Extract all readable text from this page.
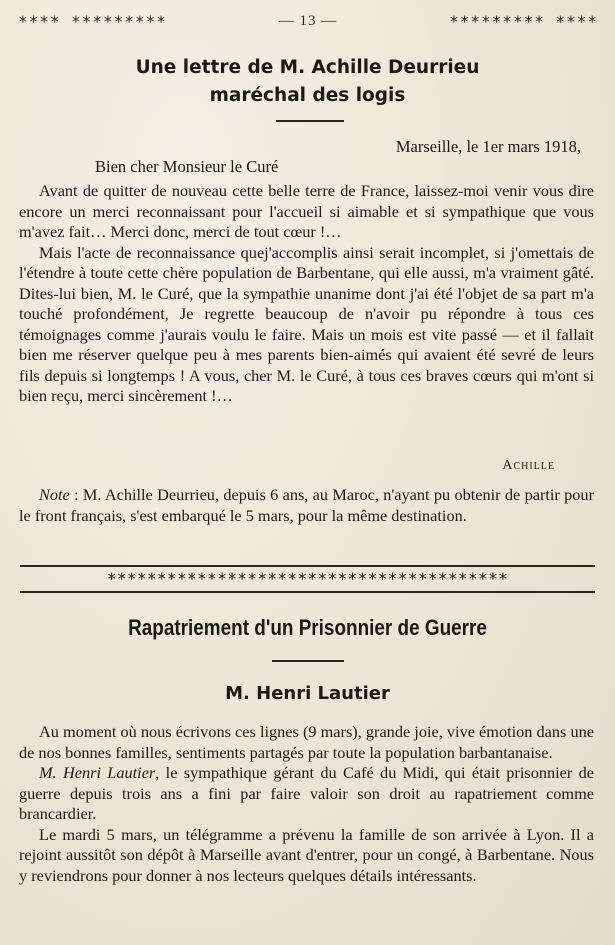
**** *********	— 13 —	********* ****
Une lettre de M. Achille Deurrieu
maréchal des logis
Marseille, le 1er mars 1918,
Bien cher Monsieur le Curé

Avant de quitter de nouveau cette belle terre de France, laissez-moi venir vous dire encore un merci reconnaissant pour l'accueil si aimable et si sympathique que vous m'avez fait… Merci donc, merci de tout cœur !…

Mais l'acte de reconnaissance quej'accomplis ainsi serait incomplet, si j'omettais de l'étendre à toute cette chère population de Barbentane, qui elle aussi, m'a vraiment gâté. Dites-lui bien, M. le Curé, que la sympathie unanime dont j'ai été l'objet de sa part m'a touché profondément, Je regrette beaucoup de n'avoir pu répondre à tous ces témoignages comme j'aurais voulu le faire. Mais un mois est vite passé — et il fallait bien me réserver quelque peu à mes parents bien-aimés qui avaient été sevré de leurs fils depuis si longtemps ! A vous, cher M. le Curé, à tous ces braves cœurs qui m'ont si bien reçu, merci sincèrement !…

Achille
Note : M. Achille Deurrieu, depuis 6 ans, au Maroc, n'ayant pu obtenir de partir pour le front français, s'est embarqué le 5 mars, pour la même destination.
****************************************
Rapatriement d'un Prisonnier de Guerre
M. Henri Lautier

Au moment où nous écrivons ces lignes (9 mars), grande joie, vive émotion dans une de nos bonnes familles, sentiments partagés par toute la population barbantanaise.

M. Henri Lautier, le sympathique gérant du Café du Midi, qui était prisonnier de guerre depuis trois ans a fini par faire valoir son droit au rapatriement comme brancardier.

Le mardi 5 mars, un télégramme a prévenu la famille de son arrivée à Lyon. Il a rejoint aussitôt son dépôt à Marseille avant d'entrer, pour un congé, à Barbentane. Nous y reviendrons pour donner à nos lecteurs quelques détails intéressants.
